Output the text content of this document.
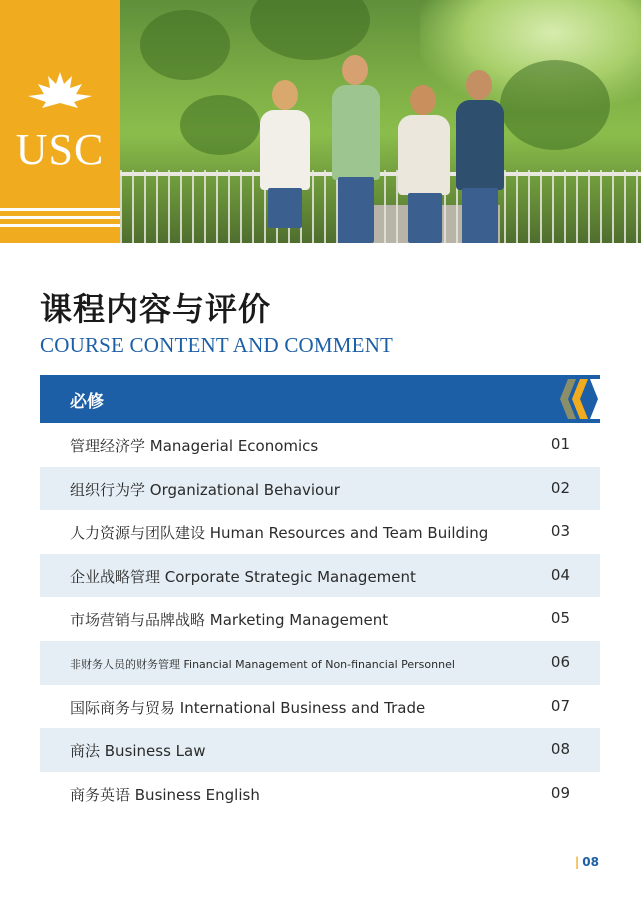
USC
课程内容与评价
COURSE CONTENT AND COMMENT
必修
管理经济学 Managerial Economics	01
组织行为学 Organizational Behaviour	02
人力资源与团队建设 Human Resources and Team Building	03
企业战略管理 Corporate Strategic Management	04
市场营销与品牌战略 Marketing Management	05
非财务人员的财务管理 Financial Management of Non-financial Personnel	06
国际商务与贸易 International Business and Trade	07
商法 Business Law	08
商务英语 Business English	09
| 08
